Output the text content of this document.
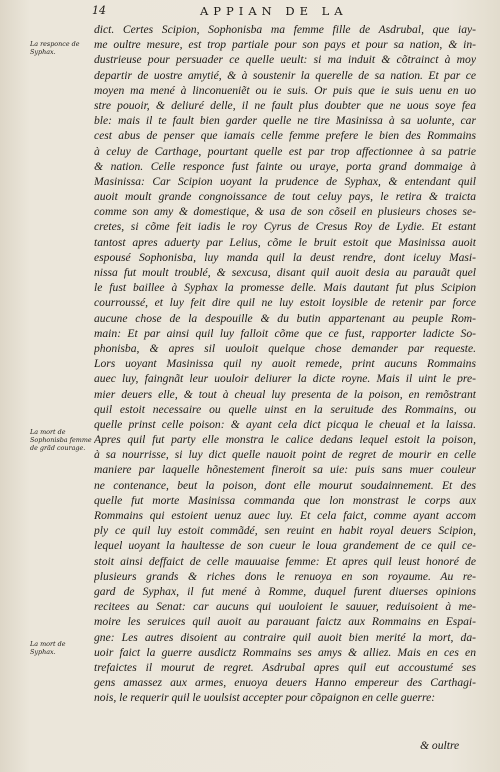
14	APPIAN DE LA
La responce de Syphax.
La mort de Sophonisba femme de grãd courage.
La mort de Syphax.
dict. Certes Scipion, Sophonisba ma femme fille de Asdrubal, que iay-
me oultre mesure, est trop partiale pour son pays et pour sa nation, & in-
dustrieuse pour persuader ce quelle ueult: si ma induit & cõtrainct à moy
departir de uostre amytié, & à soustenir la querelle de sa nation. Et par ce
moyen ma mené à linconueniẽt ou ie suis. Or puis que ie suis uenu en uo
stre pouoir, & deliuré delle, il ne fault plus doubter que ne uous soye fea
ble: mais il te fault bien garder quelle ne tire Masinissa à sa uolunte, car
cest abus de penser que iamais celle femme prefere le bien des Rommains
à celuy de Carthage, pourtant quelle est par trop affectionnee à sa patrie
& nation. Celle responce fust fainte ou uraye, porta grand dommaige à
Masinissa: Car Scipion uoyant la prudence de Syphax, & entendant quil
auoit moult grande congnoissance de tout celuy pays, le retira & traicta
comme son amy & domestique, & usa de son cõseil en plusieurs choses se-
cretes, si cõme feit iadis le roy Cyrus de Cresus Roy de Lydie. Et estant
tantost apres aduerty par Lelius, cõme le bruit estoit que Masinissa auoit
espousé Sophonisba, luy manda quil la deust rendre, dont iceluy Masi-
nissa fut moult troublé, & sexcusa, disant quil auoit desia au parauãt quel
le fust baillee à Syphax la promesse delle. Mais dautant fut plus Scipion
courroussé, et luy feit dire quil ne luy estoit loysible de retenir par force
aucune chose de la despouille & du butin appartenant au peuple Rom-
main: Et par ainsi quil luy falloit cõme que ce fust, rapporter ladicte So-
phonisba, & apres sil uouloit quelque chose demander par requeste.
Lors uoyant Masinissa quil ny auoit remede, print aucuns Rommains
auec luy, faingnãt leur uouloir deliurer la dicte royne. Mais il uint le pre-
mier deuers elle, & tout à cheual luy presenta de la poison, en remõstrant
quil estoit necessaire ou quelle uinst en la seruitude des Rommains, ou
quelle prinst celle poison: & ayant cela dict picqua le cheual et la laissa.
Apres quil fut party elle monstra le calice dedans lequel estoit la poison,
à sa nourrisse, si luy dict quelle nauoit point de regret de mourir en celle
maniere par laquelle hõnestement fineroit sa uie: puis sans muer couleur
ne contenance, beut la poison, dont elle mourut soudainnement. Et des
quelle fut morte Masinissa commanda que lon monstrast le corps aux
Rommains qui estoient uenuz auec luy. Et cela faict, comme ayant accom
ply ce quil luy estoit commãdé, sen reuint en habit royal deuers Scipion,
lequel uoyant la haultesse de son cueur le loua grandement de ce quil ce-
stoit ainsi deffaict de celle mauuaise femme: Et apres quil leust honoré de
plusieurs grands & riches dons le renuoya en son royaume. Au re-
gard de Syphax, il fut mené à Romme, duquel furent diuerses opinions
recitees au Senat: car aucuns qui uouloient le sauuer, reduisoient à me-
moire les seruices quil auoit au parauant faictz aux Rommains en Espai-
gne: Les autres disoient au contraire quil auoit bien merité la mort, da-
uoir faict la guerre ausdictz Rommains ses amys & alliez. Mais en ces en
trefaictes il mourut de regret. Asdrubal apres quil eut accoustumé ses
gens amassez aux armes, enuoya deuers Hanno empereur des Carthagi-
nois, le requerir quil le uoulsist accepter pour cõpaignon en celle guerre:
& oultre
